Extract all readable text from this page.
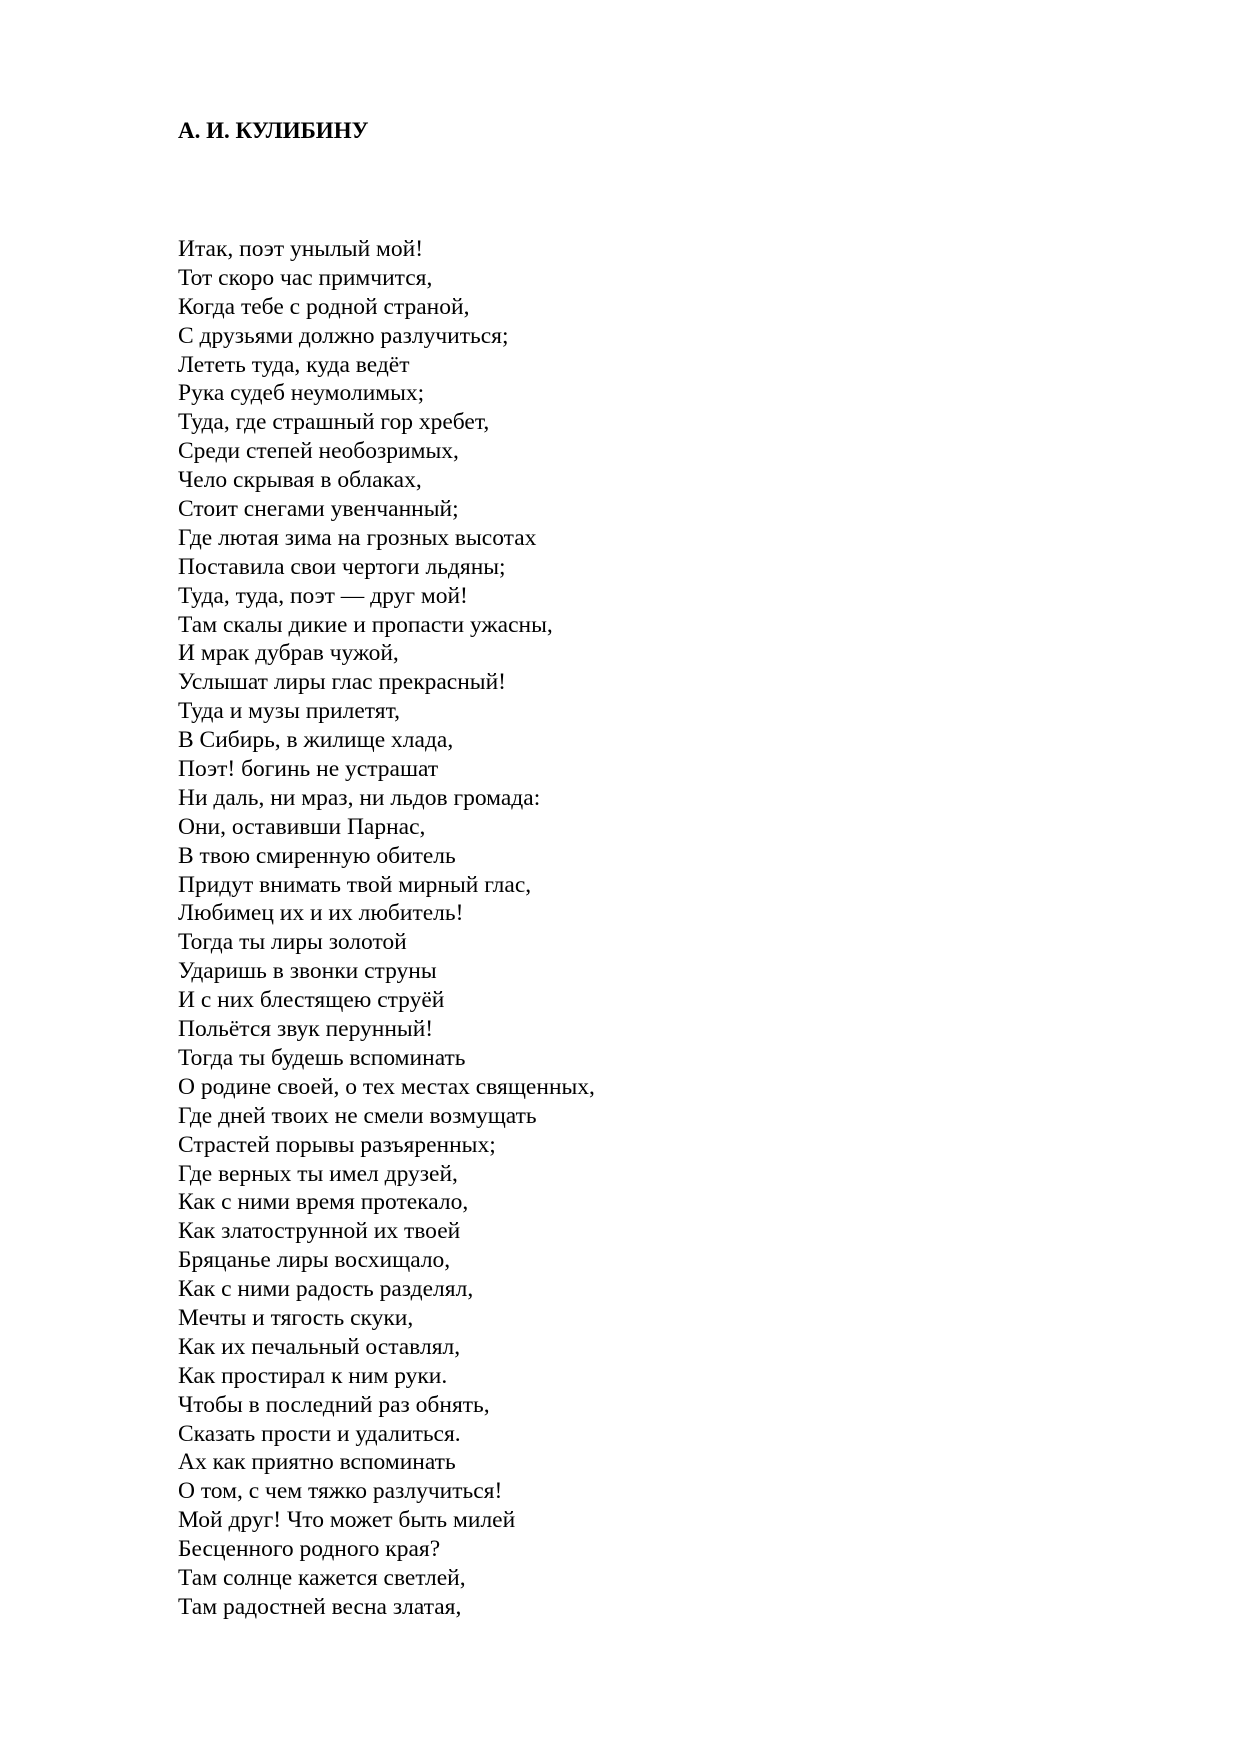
А. И. КУЛИБИНУ
Итак, поэт унылый мой!
Тот скоро час примчится,
Когда тебе с родной страной,
С друзьями должно разлучиться;
Лететь туда, куда ведёт
Рука судеб неумолимых;
Туда, где страшный гор хребет,
Среди степей необозримых,
Чело скрывая в облаках,
Стоит снегами увенчанный;
Где лютая зима на грозных высотах
Поставила свои чертоги льдяны;
Туда, туда, поэт — друг мой!
Там скалы дикие и пропасти ужасны,
И мрак дубрав чужой,
Услышат лиры глас прекрасный!
Туда и музы прилетят,
В Сибирь, в жилище хлада,
Поэт! богинь не устрашат
Ни даль, ни мраз, ни льдов громада:
Они, оставивши Парнас,
В твою смиренную обитель
Придут внимать твой мирный глас,
Любимец их и их любитель!
Тогда ты лиры золотой
Ударишь в звонки струны
И с них блестящею струёй
Польётся звук перунный!
Тогда ты будешь вспоминать
О родине своей, о тех местах священных,
Где дней твоих не смели возмущать
Страстей порывы разъяренных;
Где верных ты имел друзей,
Как с ними время протекало,
Как златострунной их твоей
Бряцанье лиры восхищало,
Как с ними радость разделял,
Мечты и тягость скуки,
Как их печальный оставлял,
Как простирал к ним руки.
Чтобы в последний раз обнять,
Сказать прости и удалиться.
Ах как приятно вспоминать
О том, с чем тяжко разлучиться!
Мой друг! Что может быть милей
Бесценного родного края?
Там солнце кажется светлей,
Там радостней весна златая,
